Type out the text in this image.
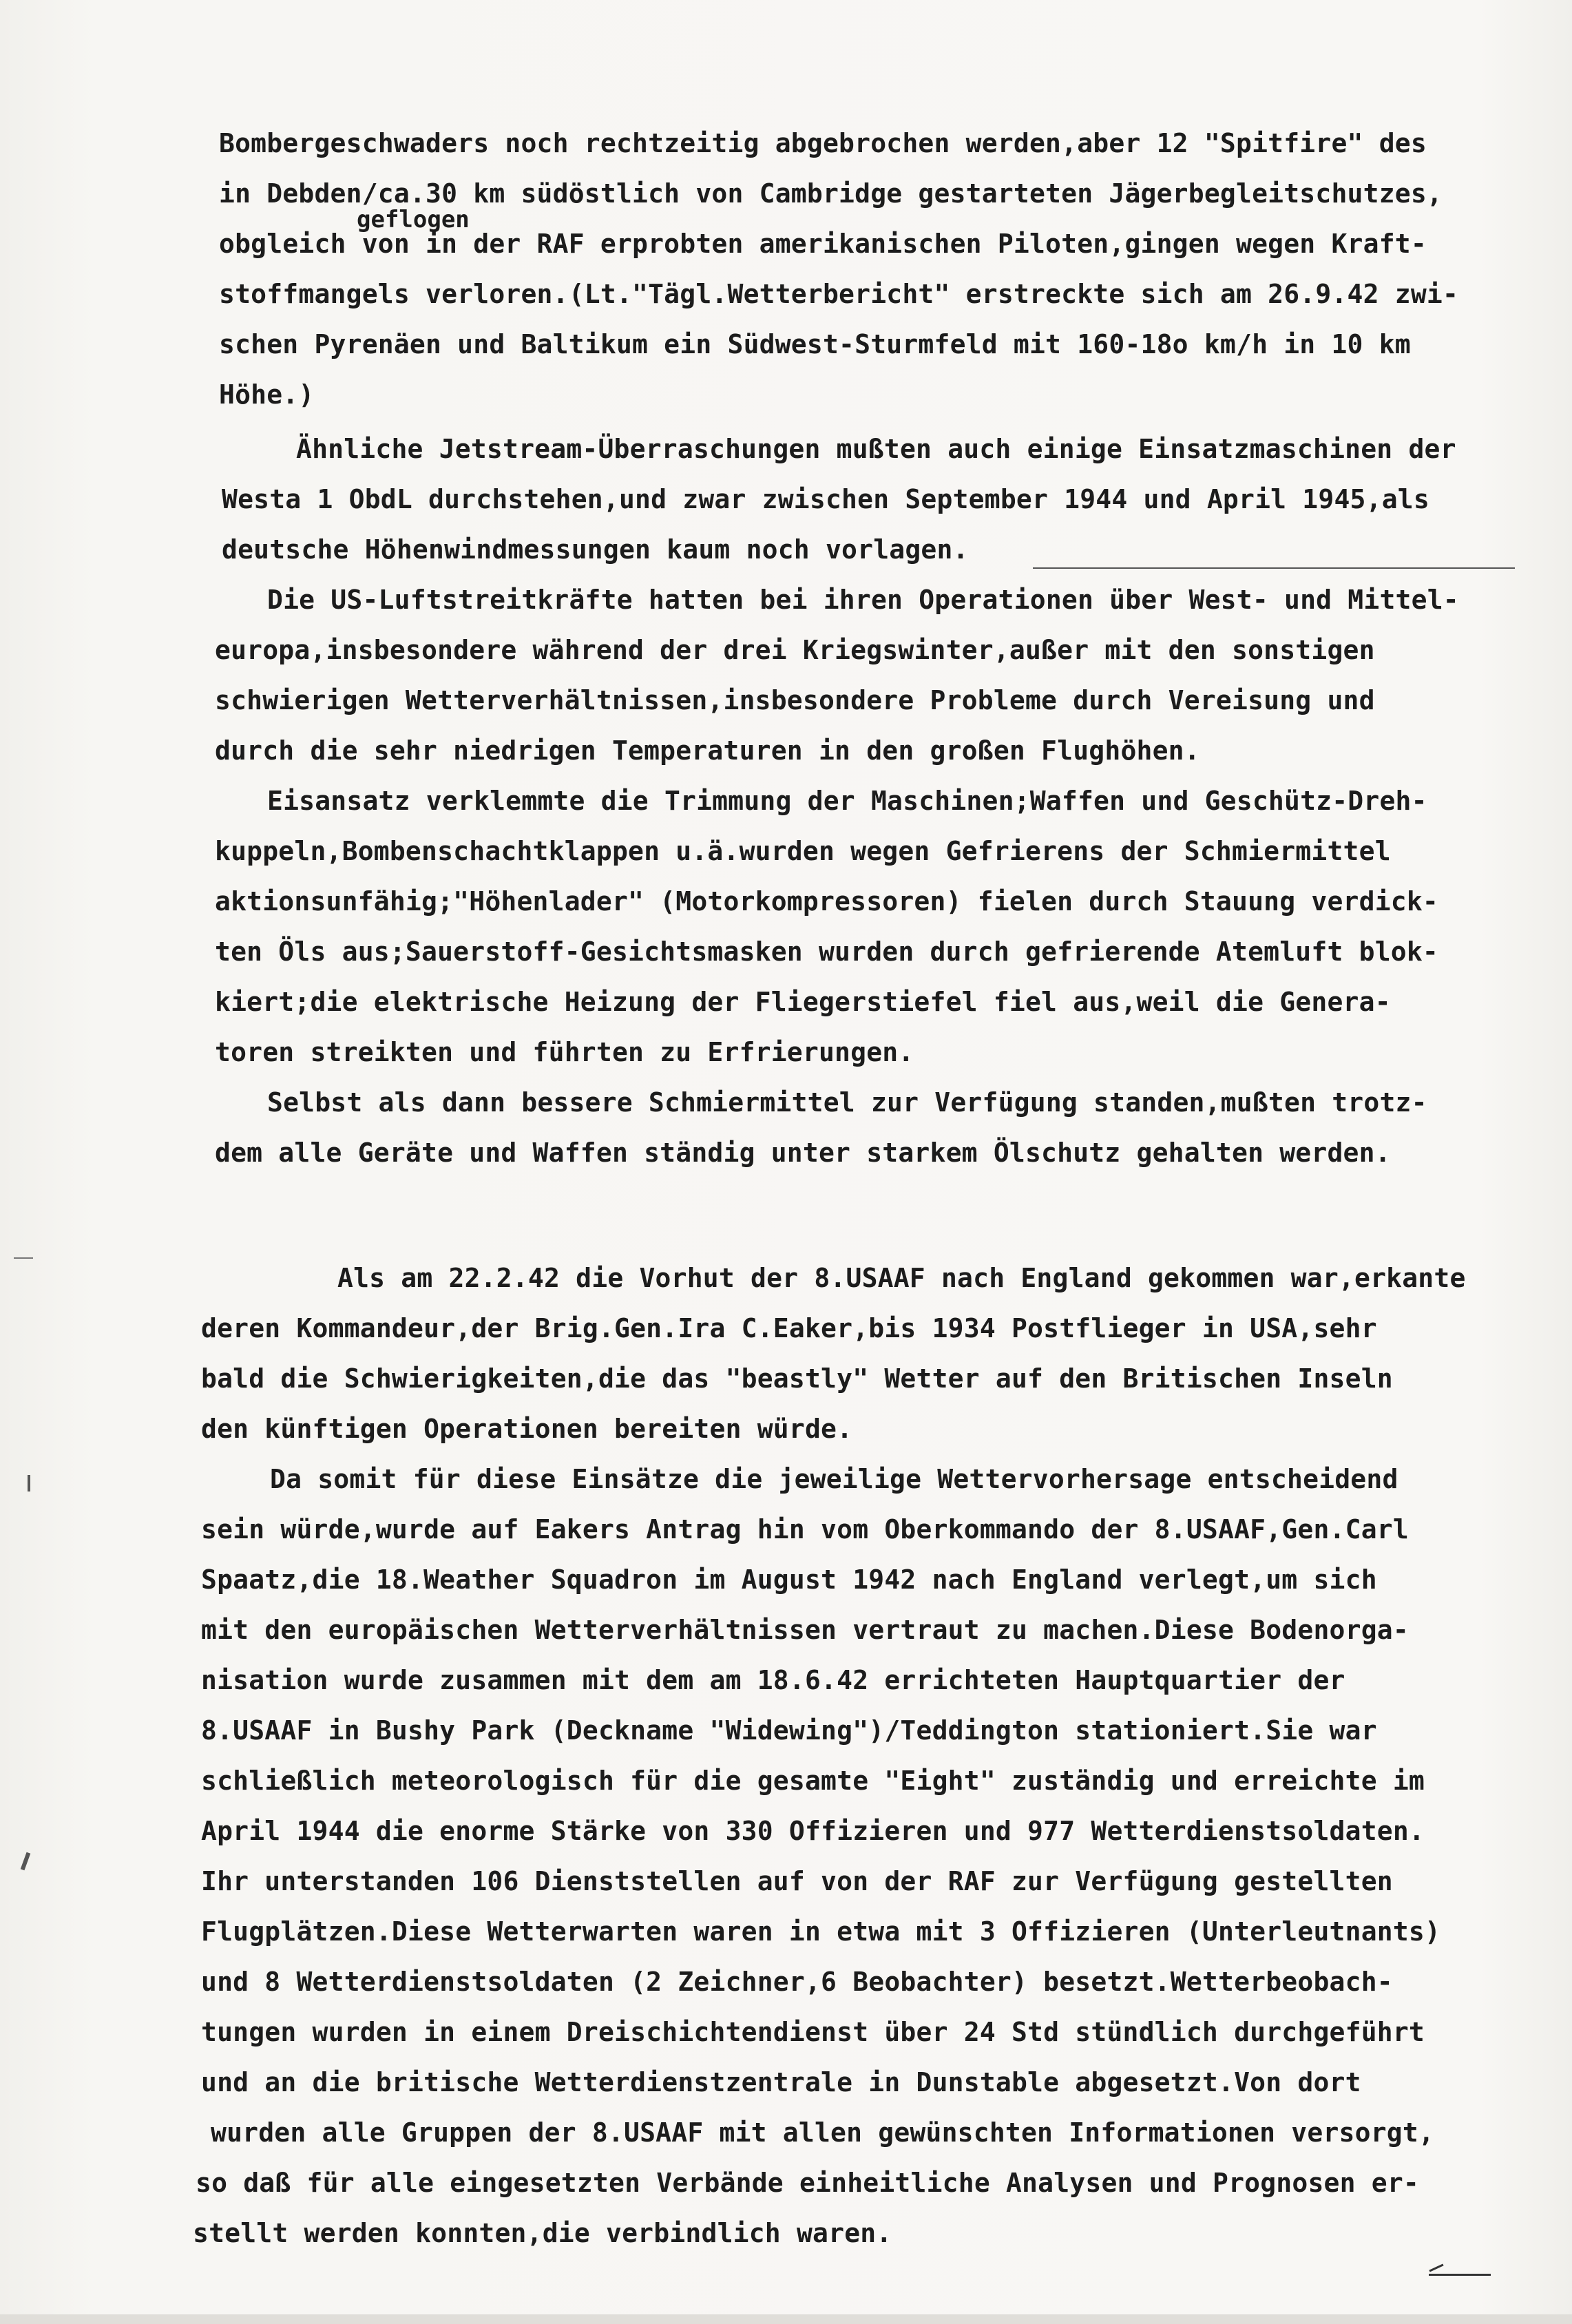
geflogen
Bombergeschwaders noch rechtzeitig abgebrochen werden,aber 12 "Spitfire" des
in Debden/ca.30 km südöstlich von Cambridge gestarteten Jägerbegleitschutzes,
obgleich von in der RAF erprobten amerikanischen Piloten,gingen wegen Kraft-
stoffmangels verloren.(Lt."Tägl.Wetterbericht" erstreckte sich am 26.9.42 zwi-
schen Pyrenäen und Baltikum ein Südwest-Sturmfeld mit 160-18o km/h in 10 km
Höhe.)
Ähnliche Jetstream-Überraschungen mußten auch einige Einsatzmaschinen der
Westa 1 ObdL durchstehen,und zwar zwischen September 1944 und April 1945,als
deutsche Höhenwindmessungen kaum noch vorlagen.
Die US-Luftstreitkräfte hatten bei ihren Operationen über West- und Mittel-
europa,insbesondere während der drei Kriegswinter,außer mit den sonstigen
schwierigen Wetterverhältnissen,insbesondere Probleme durch Vereisung und
durch die sehr niedrigen Temperaturen in den großen Flughöhen.
Eisansatz verklemmte die Trimmung der Maschinen;Waffen und Geschütz-Dreh-
kuppeln,Bombenschachtklappen u.ä.wurden wegen Gefrierens der Schmiermittel
aktionsunfähig;"Höhenlader" (Motorkompressoren) fielen durch Stauung verdick-
ten Öls aus;Sauerstoff-Gesichtsmasken wurden durch gefrierende Atemluft blok-
kiert;die elektrische Heizung der Fliegerstiefel fiel aus,weil die Genera-
toren streikten und führten zu Erfrierungen.
Selbst als dann bessere Schmiermittel zur Verfügung standen,mußten trotz-
dem alle Geräte und Waffen ständig unter starkem Ölschutz gehalten werden.
Als am 22.2.42 die Vorhut der 8.USAAF nach England gekommen war,erkante
deren Kommandeur,der Brig.Gen.Ira C.Eaker,bis 1934 Postflieger in USA,sehr
bald die Schwierigkeiten,die das "beastly" Wetter auf den Britischen Inseln
den künftigen Operationen bereiten würde.
Da somit für diese Einsätze die jeweilige Wettervorhersage entscheidend
sein würde,wurde auf Eakers Antrag hin vom Oberkommando der 8.USAAF,Gen.Carl
Spaatz,die 18.Weather Squadron im August 1942 nach England verlegt,um sich
mit den europäischen Wetterverhältnissen vertraut zu machen.Diese Bodenorga-
nisation wurde zusammen mit dem am 18.6.42 errichteten Hauptquartier der
8.USAAF in Bushy Park (Deckname "Widewing")/Teddington stationiert.Sie war
schließlich meteorologisch für die gesamte "Eight" zuständig und erreichte im
April 1944 die enorme Stärke von 330 Offizieren und 977 Wetterdienstsoldaten.
Ihr unterstanden 106 Dienststellen auf von der RAF zur Verfügung gestellten
Flugplätzen.Diese Wetterwarten waren in etwa mit 3 Offizieren (Unterleutnants)
und 8 Wetterdienstsoldaten (2 Zeichner,6 Beobachter) besetzt.Wetterbeobach-
tungen wurden in einem Dreischichtendienst über 24 Std stündlich durchgeführt
und an die britische Wetterdienstzentrale in Dunstable abgesetzt.Von dort
wurden alle Gruppen der 8.USAAF mit allen gewünschten Informationen versorgt,
so daß für alle eingesetzten Verbände einheitliche Analysen und Prognosen er-
stellt werden konnten,die verbindlich waren.
